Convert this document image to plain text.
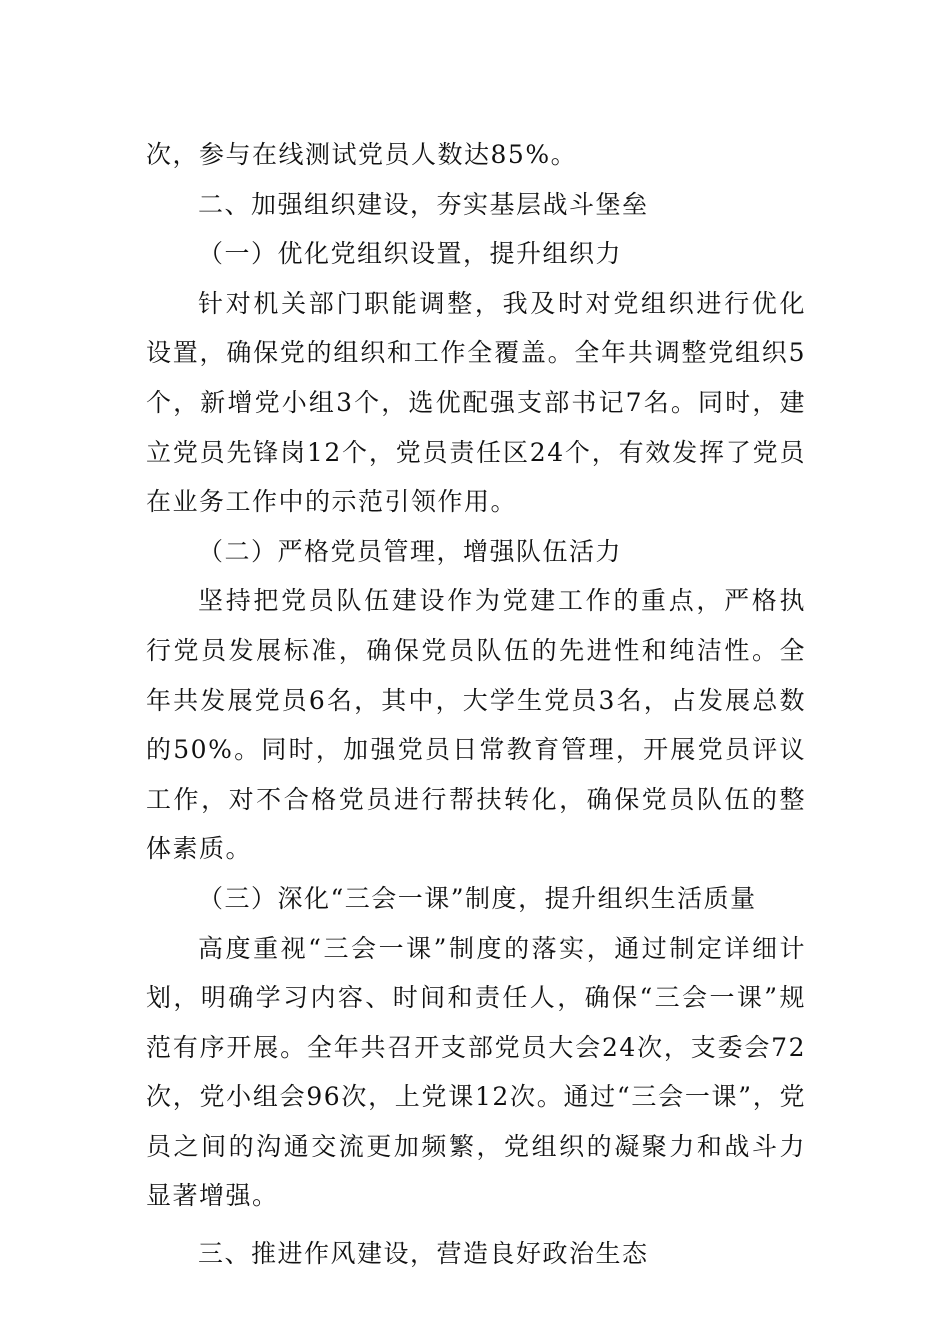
次，参与在线测试党员人数达85%。

二、加强组织建设，夯实基层战斗堡垒

（一）优化党组织设置，提升组织力

针对机关部门职能调整，我及时对党组织进行优化设置，确保党的组织和工作全覆盖。全年共调整党组织5个，新增党小组3个，选优配强支部书记7名。同时，建立党员先锋岗12个，党员责任区24个，有效发挥了党员在业务工作中的示范引领作用。

（二）严格党员管理，增强队伍活力

坚持把党员队伍建设作为党建工作的重点，严格执行党员发展标准，确保党员队伍的先进性和纯洁性。全年共发展党员6名，其中，大学生党员3名，占发展总数的50%。同时，加强党员日常教育管理，开展党员评议工作，对不合格党员进行帮扶转化，确保党员队伍的整体素质。

（三）深化“三会一课”制度，提升组织生活质量

高度重视“三会一课”制度的落实，通过制定详细计划，明确学习内容、时间和责任人，确保“三会一课”规范有序开展。全年共召开支部党员大会24次，支委会72次，党小组会96次，上党课12次。通过“三会一课”，党员之间的沟通交流更加频繁，党组织的凝聚力和战斗力显著增强。

三、推进作风建设，营造良好政治生态
